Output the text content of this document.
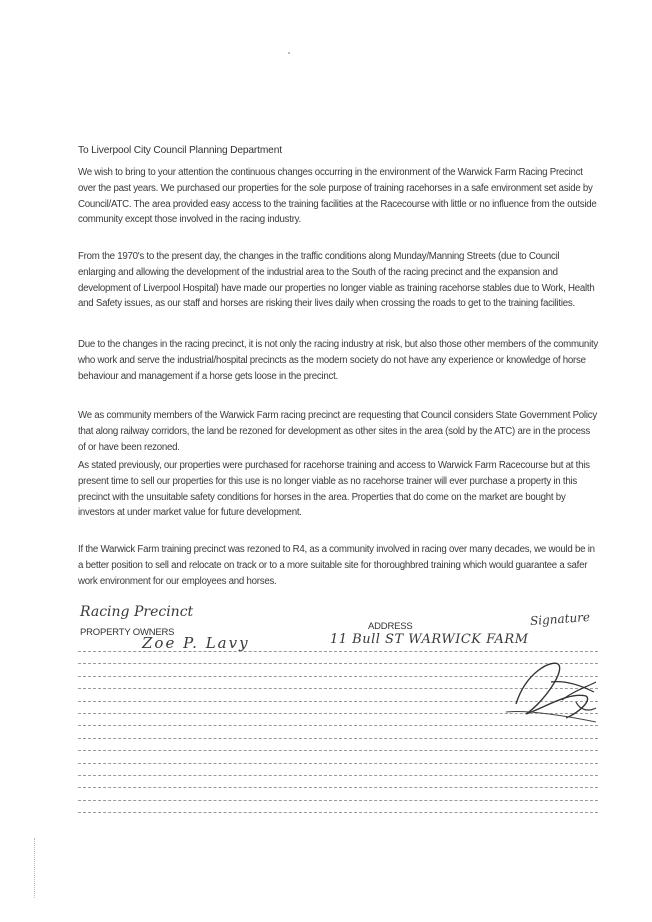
To Liverpool City Council Planning Department

We wish to bring to your attention the continuous changes occurring in the environment of the Warwick Farm Racing Precinct over the past years. We purchased our properties for the sole purpose of training racehorses in a safe environment set aside by Council/ATC. The area provided easy access to the training facilities at the Racecourse with little or no influence from the outside community except those involved in the racing industry.

From the 1970's to the present day, the changes in the traffic conditions along Munday/Manning Streets (due to Council enlarging and allowing the development of the industrial area to the South of the racing precinct and the expansion and development of Liverpool Hospital) have made our properties no longer viable as training racehorse stables due to Work, Health and Safety issues, as our staff and horses are risking their lives daily when crossing the roads to get to the training facilities.

Due to the changes in the racing precinct, it is not only the racing industry at risk, but also those other members of the community who work and serve the industrial/hospital precincts as the modern society do not have any experience or knowledge of horse behaviour and management if a horse gets loose in the precinct.

We as community members of the Warwick Farm racing precinct are requesting that Council considers State Government Policy that along railway corridors, the land be rezoned for development as other sites in the area (sold by the ATC) are in the process of or have been rezoned.

As stated previously, our properties were purchased for racehorse training and access to Warwick Farm Racecourse but at this present time to sell our properties for this use is no longer viable as no racehorse trainer will ever purchase a property in this precinct with the unsuitable safety conditions for horses in the area. Properties that do come on the market are bought by investors at under market value for future development.

If the Warwick Farm training precinct was rezoned to R4, as a community involved in racing over many decades, we would be in a better position to sell and relocate on track or to a more suitable site for thoroughbred training which would guarantee a safer work environment for our employees and horses.

Racing Precinct
PROPERTY OWNERS
ADDRESS	Signature
Zoe P. Lavy	11 Bull ST WARWICK FARM
